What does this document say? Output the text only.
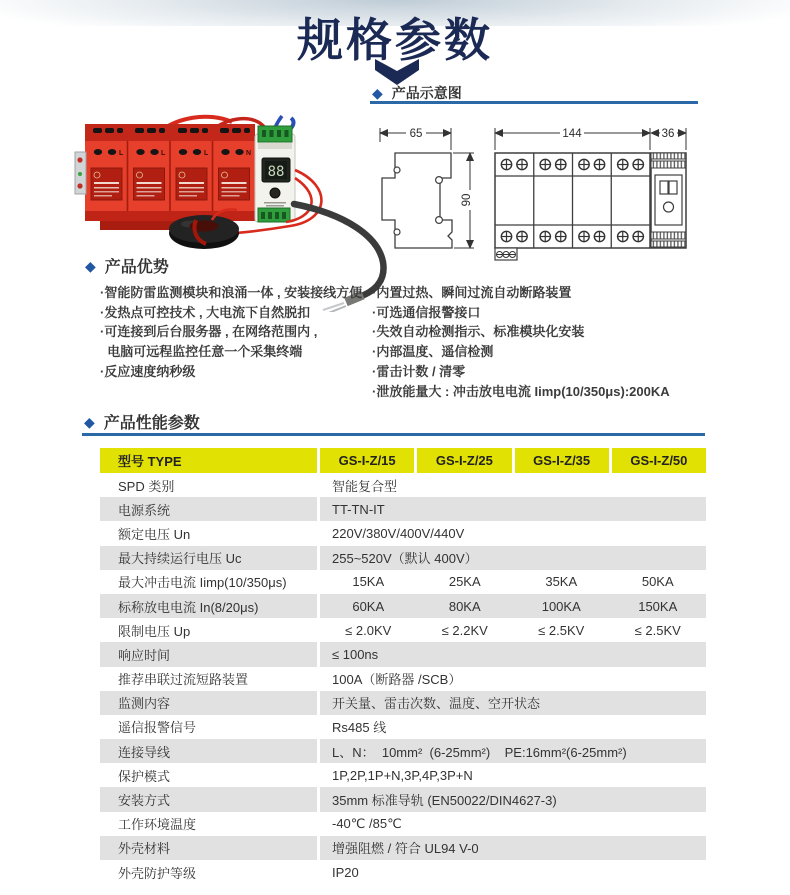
规格参数
◆ 产品示意图
L	L	L	N
88
65
90
144	36
◆ 产品优势
·智能防雷监测模块和浪涌一体 , 安装接线方便
·发热点可控技术 , 大电流下自然脱扣
·可连接到后台服务器 , 在网络范围内 ,
电脑可远程监控任意一个采集终端
·反应速度纳秒级
·内置过热、瞬间过流自动断路装置
·可选通信报警接口
·失效自动检测指示、标准模块化安装
·内部温度、遥信检测
·雷击计数 / 清零
·泄放能量大 : 冲击放电电流 Iimp(10/350μs):200KA
◆ 产品性能参数
型号 TYPE	GS-I-Z/15	GS-I-Z/25	GS-I-Z/35	GS-I-Z/50
SPD 类别	智能复合型
电源系统	TT-TN-IT
额定电压 Un	220V/380V/400V/440V
最大持续运行电压 Uc	255~520V（默认 400V）
最大冲击电流 Iimp(10/350μs)	15KA	25KA	35KA	50KA
标称放电电流 In(8/20μs)	60KA	80KA	100KA	150KA
限制电压 Up	≤ 2.0KV	≤ 2.2KV	≤ 2.5KV	≤ 2.5KV
响应时间	≤ 100ns
推荐串联过流短路装置	100A（断路器 /SCB）
监测内容	开关量、雷击次数、温度、空开状态
遥信报警信号	Rs485 线
连接导线	L、N：  10mm²  (6-25mm²)    PE:16mm²(6-25mm²)
保护模式	1P,2P,1P+N,3P,4P,3P+N
安装方式	35mm 标准导轨 (EN50022/DIN4627-3)
工作环境温度	-40℃ /85℃
外壳材料	增强阻燃 / 符合 UL94 V-0
外壳防护等级	IP20
